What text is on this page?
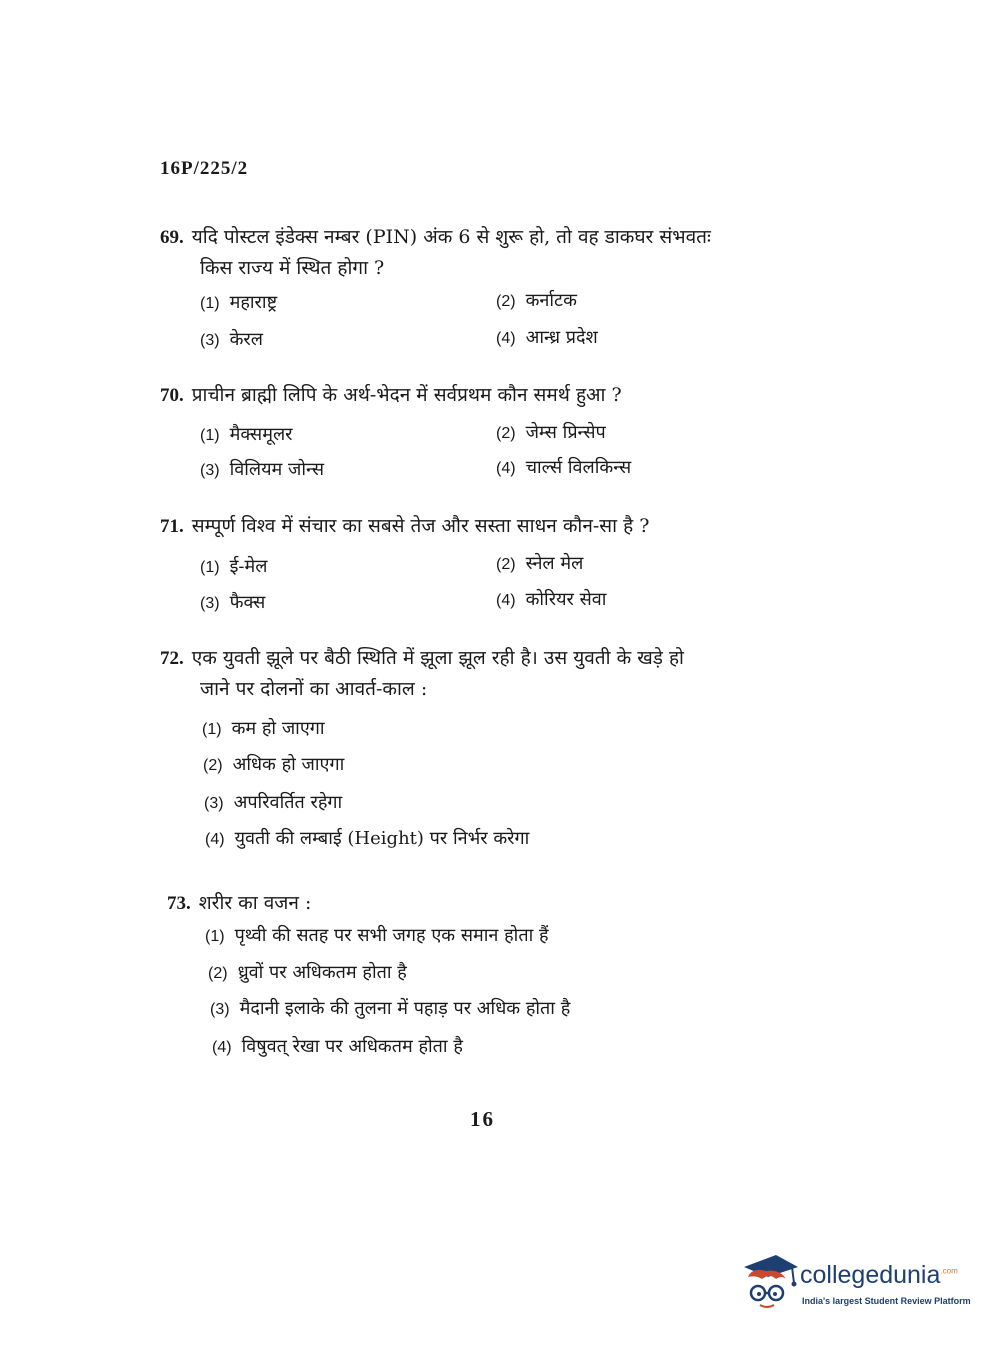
16P/225/2
69. यदि पोस्टल इंडेक्स नम्बर (PIN) अंक 6 से शुरू हो, तो वह डाकघर संभवतः
किस राज्य में स्थित होगा ?
(1) महाराष्ट्र	(2) कर्नाटक
(3) केरल	(4) आन्ध्र प्रदेश
70. प्राचीन ब्राह्मी लिपि के अर्थ-भेदन में सर्वप्रथम कौन समर्थ हुआ ?
(1) मैक्समूलर	(2) जेम्स प्रिन्सेप
(3) विलियम जोन्स	(4) चार्ल्स विलकिन्स
71. सम्पूर्ण विश्व में संचार का सबसे तेज और सस्ता साधन कौन-सा है ?
(1) ई-मेल	(2) स्नेल मेल
(3) फैक्स	(4) कोरियर सेवा
72. एक युवती झूले पर बैठी स्थिति में झूला झूल रही है। उस युवती के खड़े हो
जाने पर दोलनों का आवर्त-काल :
(1) कम हो जाएगा
(2) अधिक हो जाएगा
(3) अपरिवर्तित रहेगा
(4) युवती की लम्बाई (Height) पर निर्भर करेगा
73. शरीर का वजन :
(1) पृथ्वी की सतह पर सभी जगह एक समान होता हैं
(2) ध्रुवों पर अधिकतम होता है
(3) मैदानी इलाके की तुलना में पहाड़ पर अधिक होता है
(4) विषुवत् रेखा पर अधिकतम होता है
16
collegedunia$^{.com}$
India's largest Student Review Platform
